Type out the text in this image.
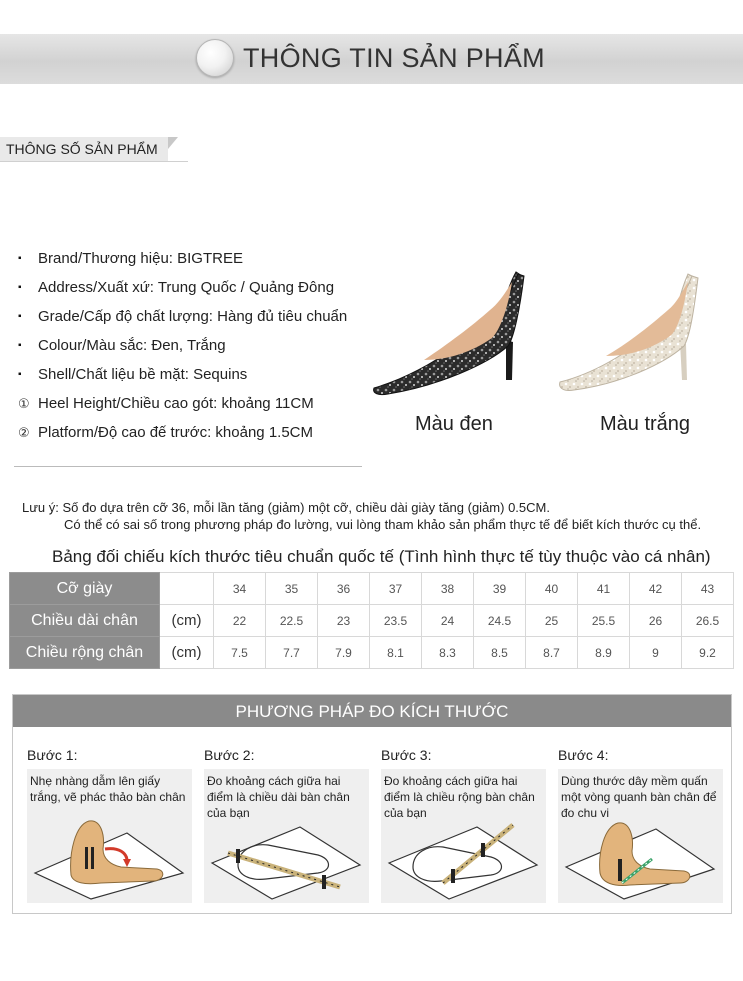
THÔNG TIN SẢN PHẨM
THÔNG SỐ SẢN PHẨM
▪	Brand/Thương hiệu: BIGTREE
▪	Address/Xuất xứ: Trung Quốc / Quảng Đông
▪	Grade/Cấp độ chất lượng: Hàng đủ tiêu chuẩn
▪	Colour/Màu sắc: Đen, Trắng
▪	Shell/Chất liệu bề mặt: Sequins
① Heel Height/Chiều cao gót: khoảng 11CM
② Platform/Độ cao đế trước: khoảng 1.5CM	Màu đen	Màu trắng
Lưu ý: Số đo dựa trên cỡ 36, mỗi lần tăng (giảm) một cỡ, chiều dài giày tăng (giảm) 0.5CM.
Có thể có sai số trong phương pháp đo lường, vui lòng tham khảo sản phẩm thực tế để biết kích thước cụ thể.
Bảng đối chiếu kích thước tiêu chuẩn quốc tế (Tình hình thực tế tùy thuộc vào cá nhân)
Cỡ giày		34	35	36	37	38	39	40	41	42	43
Chiều dài chân	(cm)	22	22.5	23	23.5	24	24.5	25	25.5	26	26.5
Chiều rộng chân	(cm)	7.5	7.7	7.9	8.1	8.3	8.5	8.7	8.9	9	9.2
PHƯƠNG PHÁP ĐO KÍCH THƯỚC
Bước 1:
Nhẹ nhàng dẫm lên giấy trắng, vẽ phác thảo bàn chân
Bước 2:
Đo khoảng cách giữa hai điểm là chiều dài bàn chân của bạn
Bước 3:
Đo khoảng cách giữa hai điểm là chiều rộng bàn chân của bạn
Bước 4:
Dùng thước dây mềm quấn một vòng quanh bàn chân để đo chu vi
